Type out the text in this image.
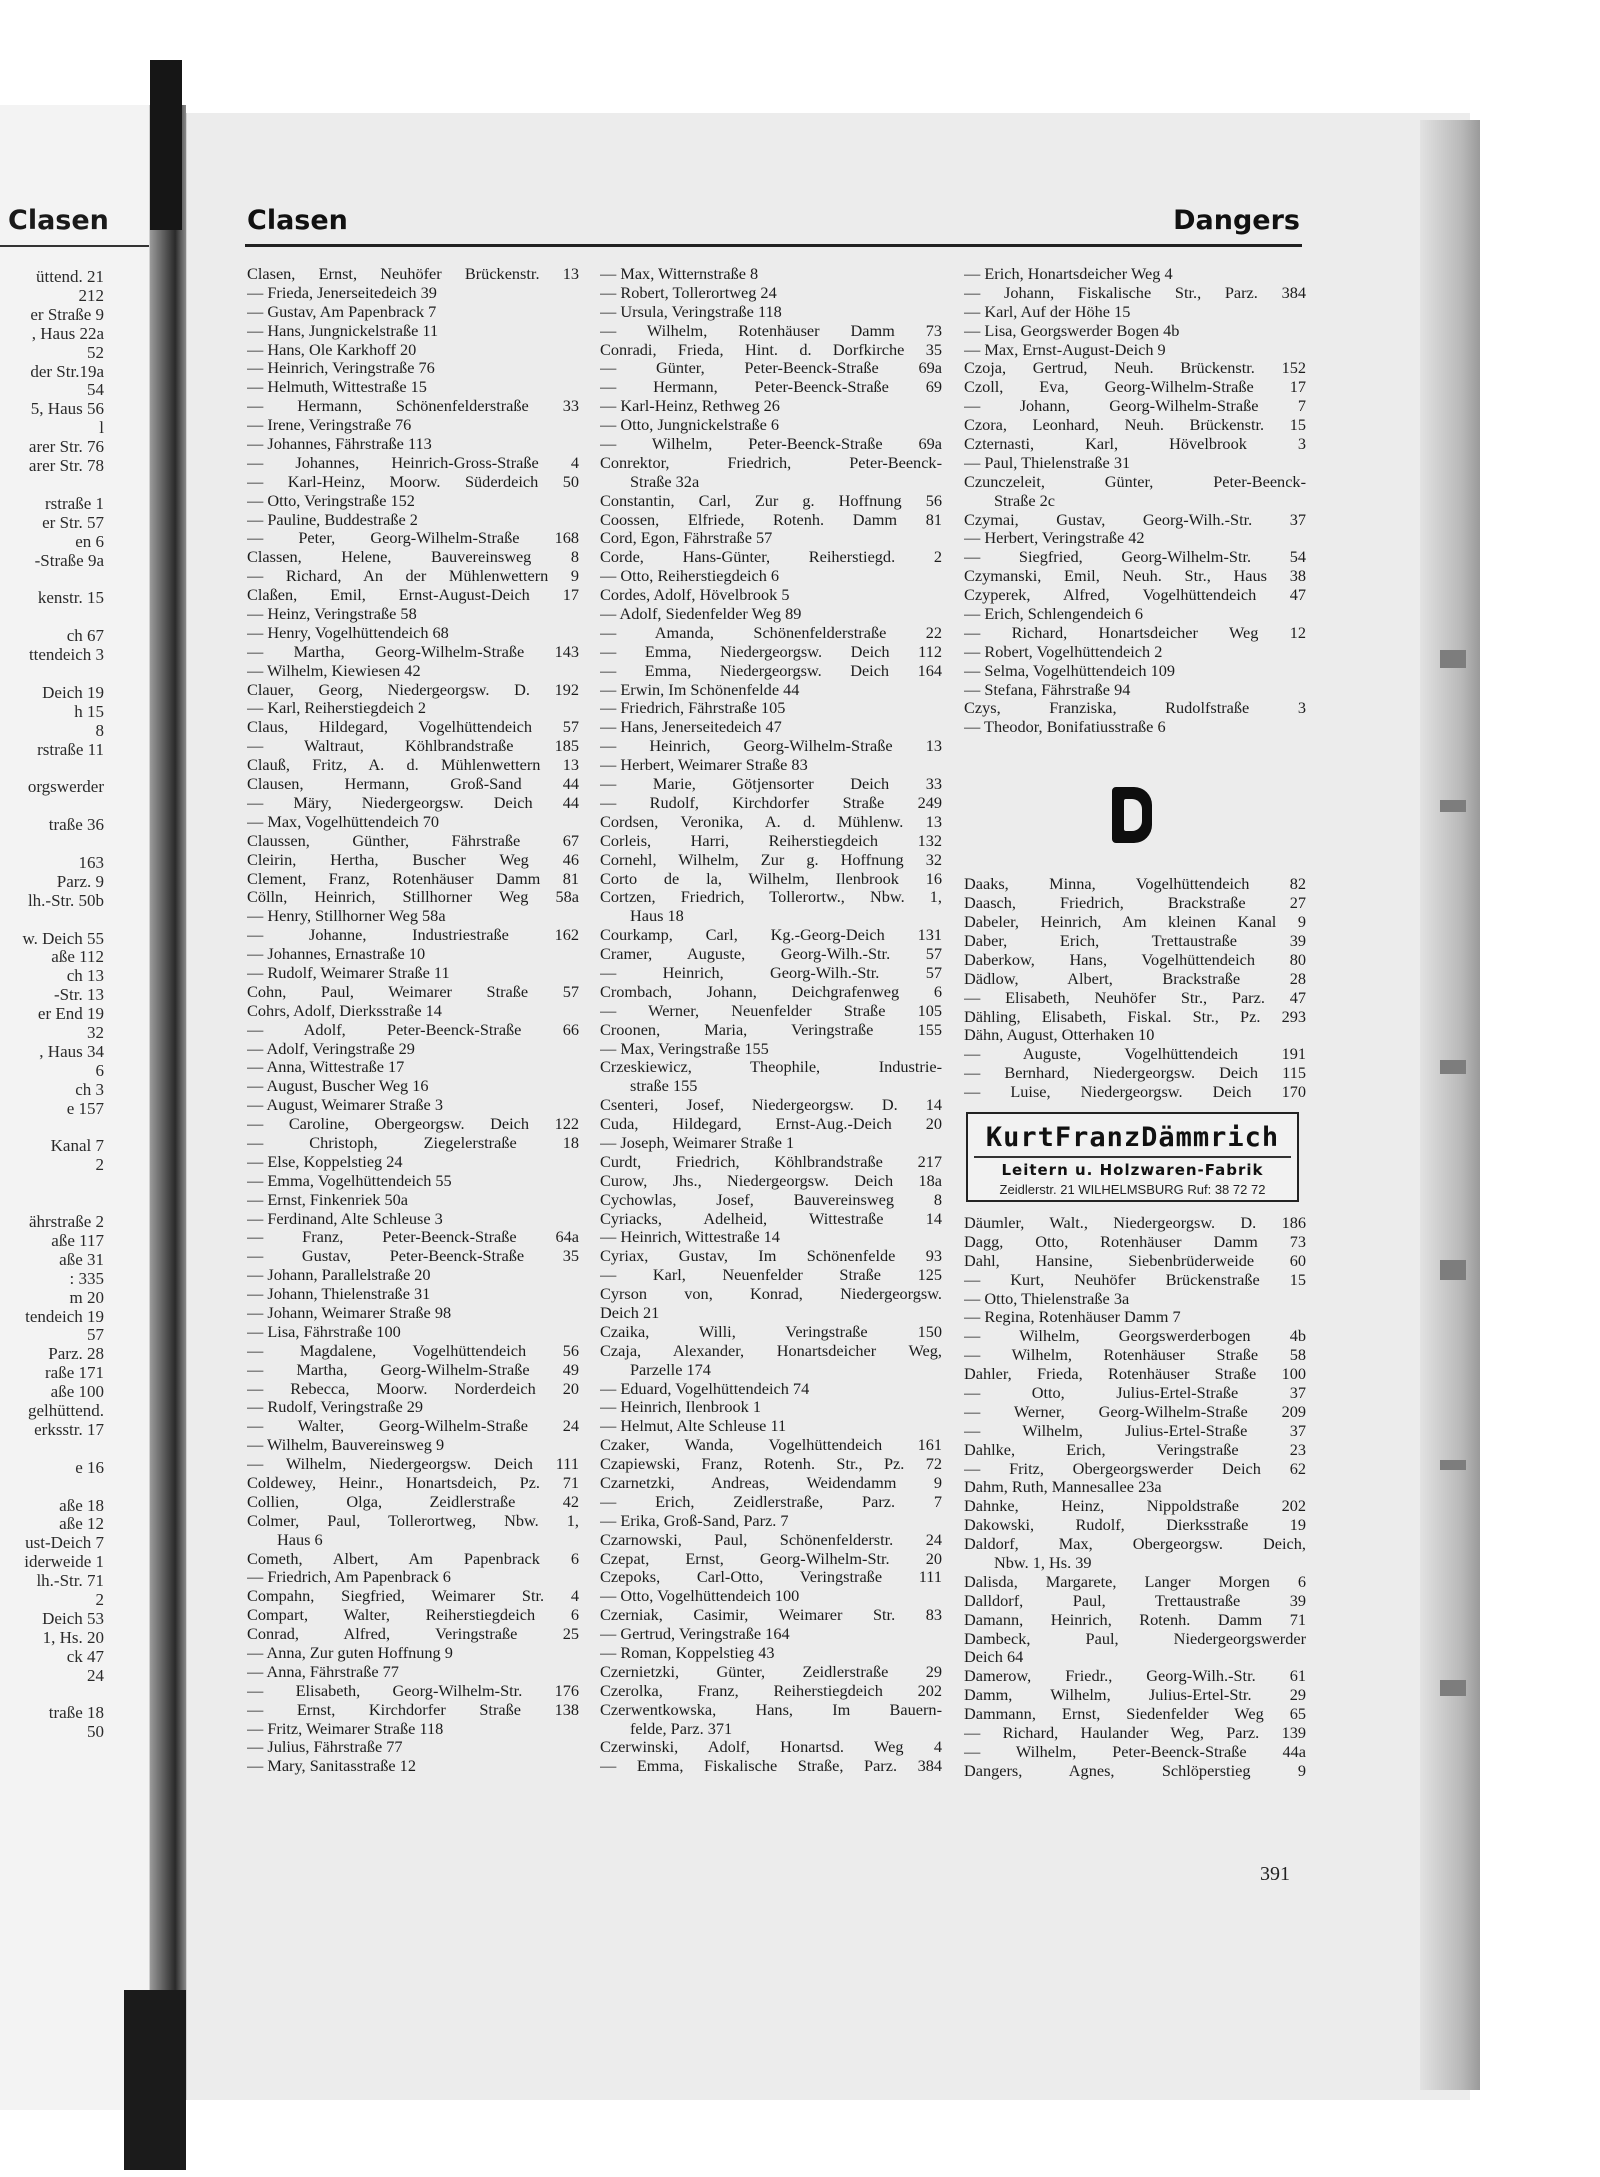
Clasen
üttend. 21
212
er Straße 9
, Haus 22a
52
der Str.19a
54
5, Haus 56
l
arer Str. 76
arer Str. 78
rstraße 1
er Str. 57
en 6
-Straße 9a
kenstr. 15
ch 67
ttendeich 3
Deich 19
h 15
8
rstraße 11
orgswerder
traße 36
163
Parz. 9
lh.-Str. 50b
w. Deich 55
aße 112
ch 13
-Str. 13
er End 19
32
, Haus 34
6
ch 3
e 157
Kanal 7
2
ährstraße 2
aße 117
aße 31
: 335
m 20
tendeich 19
57
Parz. 28
raße 171
aße 100
gelhüttend.
erksstr. 17
e 16
aße 18
aße 12
ust-Deich 7
iderweide 1
lh.-Str. 71
2
Deich 53
1, Hs. 20
ck 47
24
traße 18
50
Clasen	Dangers
Clasen, Ernst, Neuhöfer Brückenstr. 13
— Frieda, Jenerseitedeich 39
— Gustav, Am Papenbrack 7
— Hans, Jungnickelstraße 11
— Hans, Ole Karkhoff 20
— Heinrich, Veringstraße 76
— Helmuth, Wittestraße 15
— Hermann, Schönenfelderstraße 33
— Irene, Veringstraße 76
— Johannes, Fährstraße 113
— Johannes, Heinrich-Gross-Straße 4
— Karl-Heinz, Moorw. Süderdeich 50
— Otto, Veringstraße 152
— Pauline, Buddestraße 2
— Peter, Georg-Wilhelm-Straße 168
Classen, Helene, Bauvereinsweg 8
— Richard, An der Mühlenwettern 9
Claßen, Emil, Ernst-August-Deich 17
— Heinz, Veringstraße 58
— Henry, Vogelhüttendeich 68
— Martha, Georg-Wilhelm-Straße 143
— Wilhelm, Kiewiesen 42
Clauer, Georg, Niedergeorgsw. D. 192
— Karl, Reiherstiegdeich 2
Claus, Hildegard, Vogelhüttendeich 57
— Waltraut, Köhlbrandstraße 185
Clauß, Fritz, A. d. Mühlenwettern 13
Clausen, Hermann, Groß-Sand 44
— Märy, Niedergeorgsw. Deich 44
— Max, Vogelhüttendeich 70
Claussen, Günther, Fährstraße 67
Cleirin, Hertha, Buscher Weg 46
Clement, Franz, Rotenhäuser Damm 81
Cölln, Heinrich, Stillhorner Weg 58a
— Henry, Stillhorner Weg 58a
— Johanne, Industriestraße 162
— Johannes, Ernastraße 10
— Rudolf, Weimarer Straße 11
Cohn, Paul, Weimarer Straße 57
Cohrs, Adolf, Dierksstraße 14
— Adolf, Peter-Beenck-Straße 66
— Adolf, Veringstraße 29
— Anna, Wittestraße 17
— August, Buscher Weg 16
— August, Weimarer Straße 3
— Caroline, Obergeorgsw. Deich 122
— Christoph, Ziegelerstraße 18
— Else, Koppelstieg 24
— Emma, Vogelhüttendeich 55
— Ernst, Finkenriek 50a
— Ferdinand, Alte Schleuse 3
— Franz, Peter-Beenck-Straße 64a
— Gustav, Peter-Beenck-Straße 35
— Johann, Parallelstraße 20
— Johann, Thielenstraße 31
— Johann, Weimarer Straße 98
— Lisa, Fährstraße 100
— Magdalene, Vogelhüttendeich 56
— Martha, Georg-Wilhelm-Straße 49
— Rebecca, Moorw. Norderdeich 20
— Rudolf, Veringstraße 29
— Walter, Georg-Wilhelm-Straße 24
— Wilhelm, Bauvereinsweg 9
— Wilhelm, Niedergeorgsw. Deich 111
Coldewey, Heinr., Honartsdeich, Pz. 71
Collien, Olga, Zeidlerstraße 42
Colmer, Paul, Tollerortweg, Nbw. 1,
Haus 6
Cometh, Albert, Am Papenbrack 6
— Friedrich, Am Papenbrack 6
Compahn, Siegfried, Weimarer Str. 4
Compart, Walter, Reiherstiegdeich 6
Conrad, Alfred, Veringstraße 25
— Anna, Zur guten Hoffnung 9
— Anna, Fährstraße 77
— Elisabeth, Georg-Wilhelm-Str. 176
— Ernst, Kirchdorfer Straße 138
— Fritz, Weimarer Straße 118
— Julius, Fährstraße 77
— Mary, Sanitasstraße 12
— Max, Witternstraße 8
— Robert, Tollerortweg 24
— Ursula, Veringstraße 118
— Wilhelm, Rotenhäuser Damm 73
Conradi, Frieda, Hint. d. Dorfkirche 35
— Günter, Peter-Beenck-Straße 69a
— Hermann, Peter-Beenck-Straße 69
— Karl-Heinz, Rethweg 26
— Otto, Jungnickelstraße 6
— Wilhelm, Peter-Beenck-Straße 69a
Conrektor, Friedrich, Peter-Beenck-
Straße 32a
Constantin, Carl, Zur g. Hoffnung 56
Coossen, Elfriede, Rotenh. Damm 81
Cord, Egon, Fährstraße 57
Corde, Hans-Günter, Reiherstiegd. 2
— Otto, Reiherstiegdeich 6
Cordes, Adolf, Hövelbrook 5
— Adolf, Siedenfelder Weg 89
— Amanda, Schönenfelderstraße 22
— Emma, Niedergeorgsw. Deich 112
— Emma, Niedergeorgsw. Deich 164
— Erwin, Im Schönenfelde 44
— Friedrich, Fährstraße 105
— Hans, Jenerseitedeich 47
— Heinrich, Georg-Wilhelm-Straße 13
— Herbert, Weimarer Straße 83
— Marie, Götjensorter Deich 33
— Rudolf, Kirchdorfer Straße 249
Cordsen, Veronika, A. d. Mühlenw. 13
Corleis, Harri, Reiherstiegdeich 132
Cornehl, Wilhelm, Zur g. Hoffnung 32
Corto de la, Wilhelm, Ilenbrook 16
Cortzen, Friedrich, Tollerortw., Nbw. 1,
Haus 18
Courkamp, Carl, Kg.-Georg-Deich 131
Cramer, Auguste, Georg-Wilh.-Str. 57
— Heinrich, Georg-Wilh.-Str. 57
Crombach, Johann, Deichgrafenweg 6
— Werner, Neuenfelder Straße 105
Croonen, Maria, Veringstraße 155
— Max, Veringstraße 155
Crzeskiewicz, Theophile, Industrie-
straße 155
Csenteri, Josef, Niedergeorgsw. D. 14
Cuda, Hildegard, Ernst-Aug.-Deich 20
— Joseph, Weimarer Straße 1
Curdt, Friedrich, Köhlbrandstraße 217
Curow, Jhs., Niedergeorgsw. Deich 18a
Cychowlas, Josef, Bauvereinsweg 8
Cyriacks, Adelheid, Wittestraße 14
— Heinrich, Wittestraße 14
Cyriax, Gustav, Im Schönenfelde 93
— Karl, Neuenfelder Straße 125
Cyrson von, Konrad, Niedergeorgsw.
Deich 21
Czaika, Willi, Veringstraße 150
Czaja, Alexander, Honartsdeicher Weg,
Parzelle 174
— Eduard, Vogelhüttendeich 74
— Heinrich, Ilenbrook 1
— Helmut, Alte Schleuse 11
Czaker, Wanda, Vogelhüttendeich 161
Czapiewski, Franz, Rotenh. Str., Pz. 72
Czarnetzki, Andreas, Weidendamm 9
— Erich, Zeidlerstraße, Parz. 7
— Erika, Groß-Sand, Parz. 7
Czarnowski, Paul, Schönenfelderstr. 24
Czepat, Ernst, Georg-Wilhelm-Str. 20
Czepoks, Carl-Otto, Veringstraße 111
— Otto, Vogelhüttendeich 100
Czerniak, Casimir, Weimarer Str. 83
— Gertrud, Veringstraße 164
— Roman, Koppelstieg 43
Czernietzki, Günter, Zeidlerstraße 29
Czerolka, Franz, Reiherstiegdeich 202
Czerwentkowska, Hans, Im Bauern-
felde, Parz. 371
Czerwinski, Adolf, Honartsd. Weg 4
— Emma, Fiskalische Straße, Parz. 384
— Erich, Honartsdeicher Weg 4
— Johann, Fiskalische Str., Parz. 384
— Karl, Auf der Höhe 15
— Lisa, Georgswerder Bogen 4b
— Max, Ernst-August-Deich 9
Czoja, Gertrud, Neuh. Brückenstr. 152
Czoll, Eva, Georg-Wilhelm-Straße 17
— Johann, Georg-Wilhelm-Straße 7
Czora, Leonhard, Neuh. Brückenstr. 15
Czternasti, Karl, Hövelbrook 3
— Paul, Thielenstraße 31
Czunczeleit, Günter, Peter-Beenck-
Straße 2c
Czymai, Gustav, Georg-Wilh.-Str. 37
— Herbert, Veringstraße 42
— Siegfried, Georg-Wilhelm-Str. 54
Czymanski, Emil, Neuh. Str., Haus 38
Czyperek, Alfred, Vogelhüttendeich 47
— Erich, Schlengendeich 6
— Richard, Honartsdeicher Weg 12
— Robert, Vogelhüttendeich 2
— Selma, Vogelhüttendeich 109
— Stefana, Fährstraße 94
Czys, Franziska, Rudolfstraße 3
— Theodor, Bonifatiusstraße 6
Daaks, Minna, Vogelhüttendeich 82
Daasch, Friedrich, Brackstraße 27
Dabeler, Heinrich, Am kleinen Kanal 9
Daber, Erich, Trettaustraße 39
Daberkow, Hans, Vogelhüttendeich 80
Dädlow, Albert, Brackstraße 28
— Elisabeth, Neuhöfer Str., Parz. 47
Dähling, Elisabeth, Fiskal. Str., Pz. 293
Dähn, August, Otterhaken 10
— Auguste, Vogelhüttendeich 191
— Bernhard, Niedergeorgsw. Deich 115
— Luise, Niedergeorgsw. Deich 170
KurtFranzDämmrich
Leitern u. Holzwaren-Fabrik
Zeidlerstr. 21 WILHELMSBURG Ruf: 38 72 72
Däumler, Walt., Niedergeorgsw. D. 186
Dagg, Otto, Rotenhäuser Damm 73
Dahl, Hansine, Siebenbrüderweide 60
— Kurt, Neuhöfer Brückenstraße 15
— Otto, Thielenstraße 3a
— Regina, Rotenhäuser Damm 7
— Wilhelm, Georgswerderbogen 4b
— Wilhelm, Rotenhäuser Straße 58
Dahler, Frieda, Rotenhäuser Straße 100
— Otto, Julius-Ertel-Straße 37
— Werner, Georg-Wilhelm-Straße 209
— Wilhelm, Julius-Ertel-Straße 37
Dahlke, Erich, Veringstraße 23
— Fritz, Obergeorgswerder Deich 62
Dahm, Ruth, Mannesallee 23a
Dahnke, Heinz, Nippoldstraße 202
Dakowski, Rudolf, Dierksstraße 19
Daldorf, Max, Obergeorgsw. Deich,
Nbw. 1, Hs. 39
Dalisda, Margarete, Langer Morgen 6
Dalldorf, Paul, Trettaustraße 39
Damann, Heinrich, Rotenh. Damm 71
Dambeck, Paul, Niedergeorgswerder
Deich 64
Damerow, Friedr., Georg-Wilh.-Str. 61
Damm, Wilhelm, Julius-Ertel-Str. 29
Dammann, Ernst, Siedenfelder Weg 65
— Richard, Haulander Weg, Parz. 139
— Wilhelm, Peter-Beenck-Straße 44a
Dangers, Agnes, Schlöperstieg 9
391
